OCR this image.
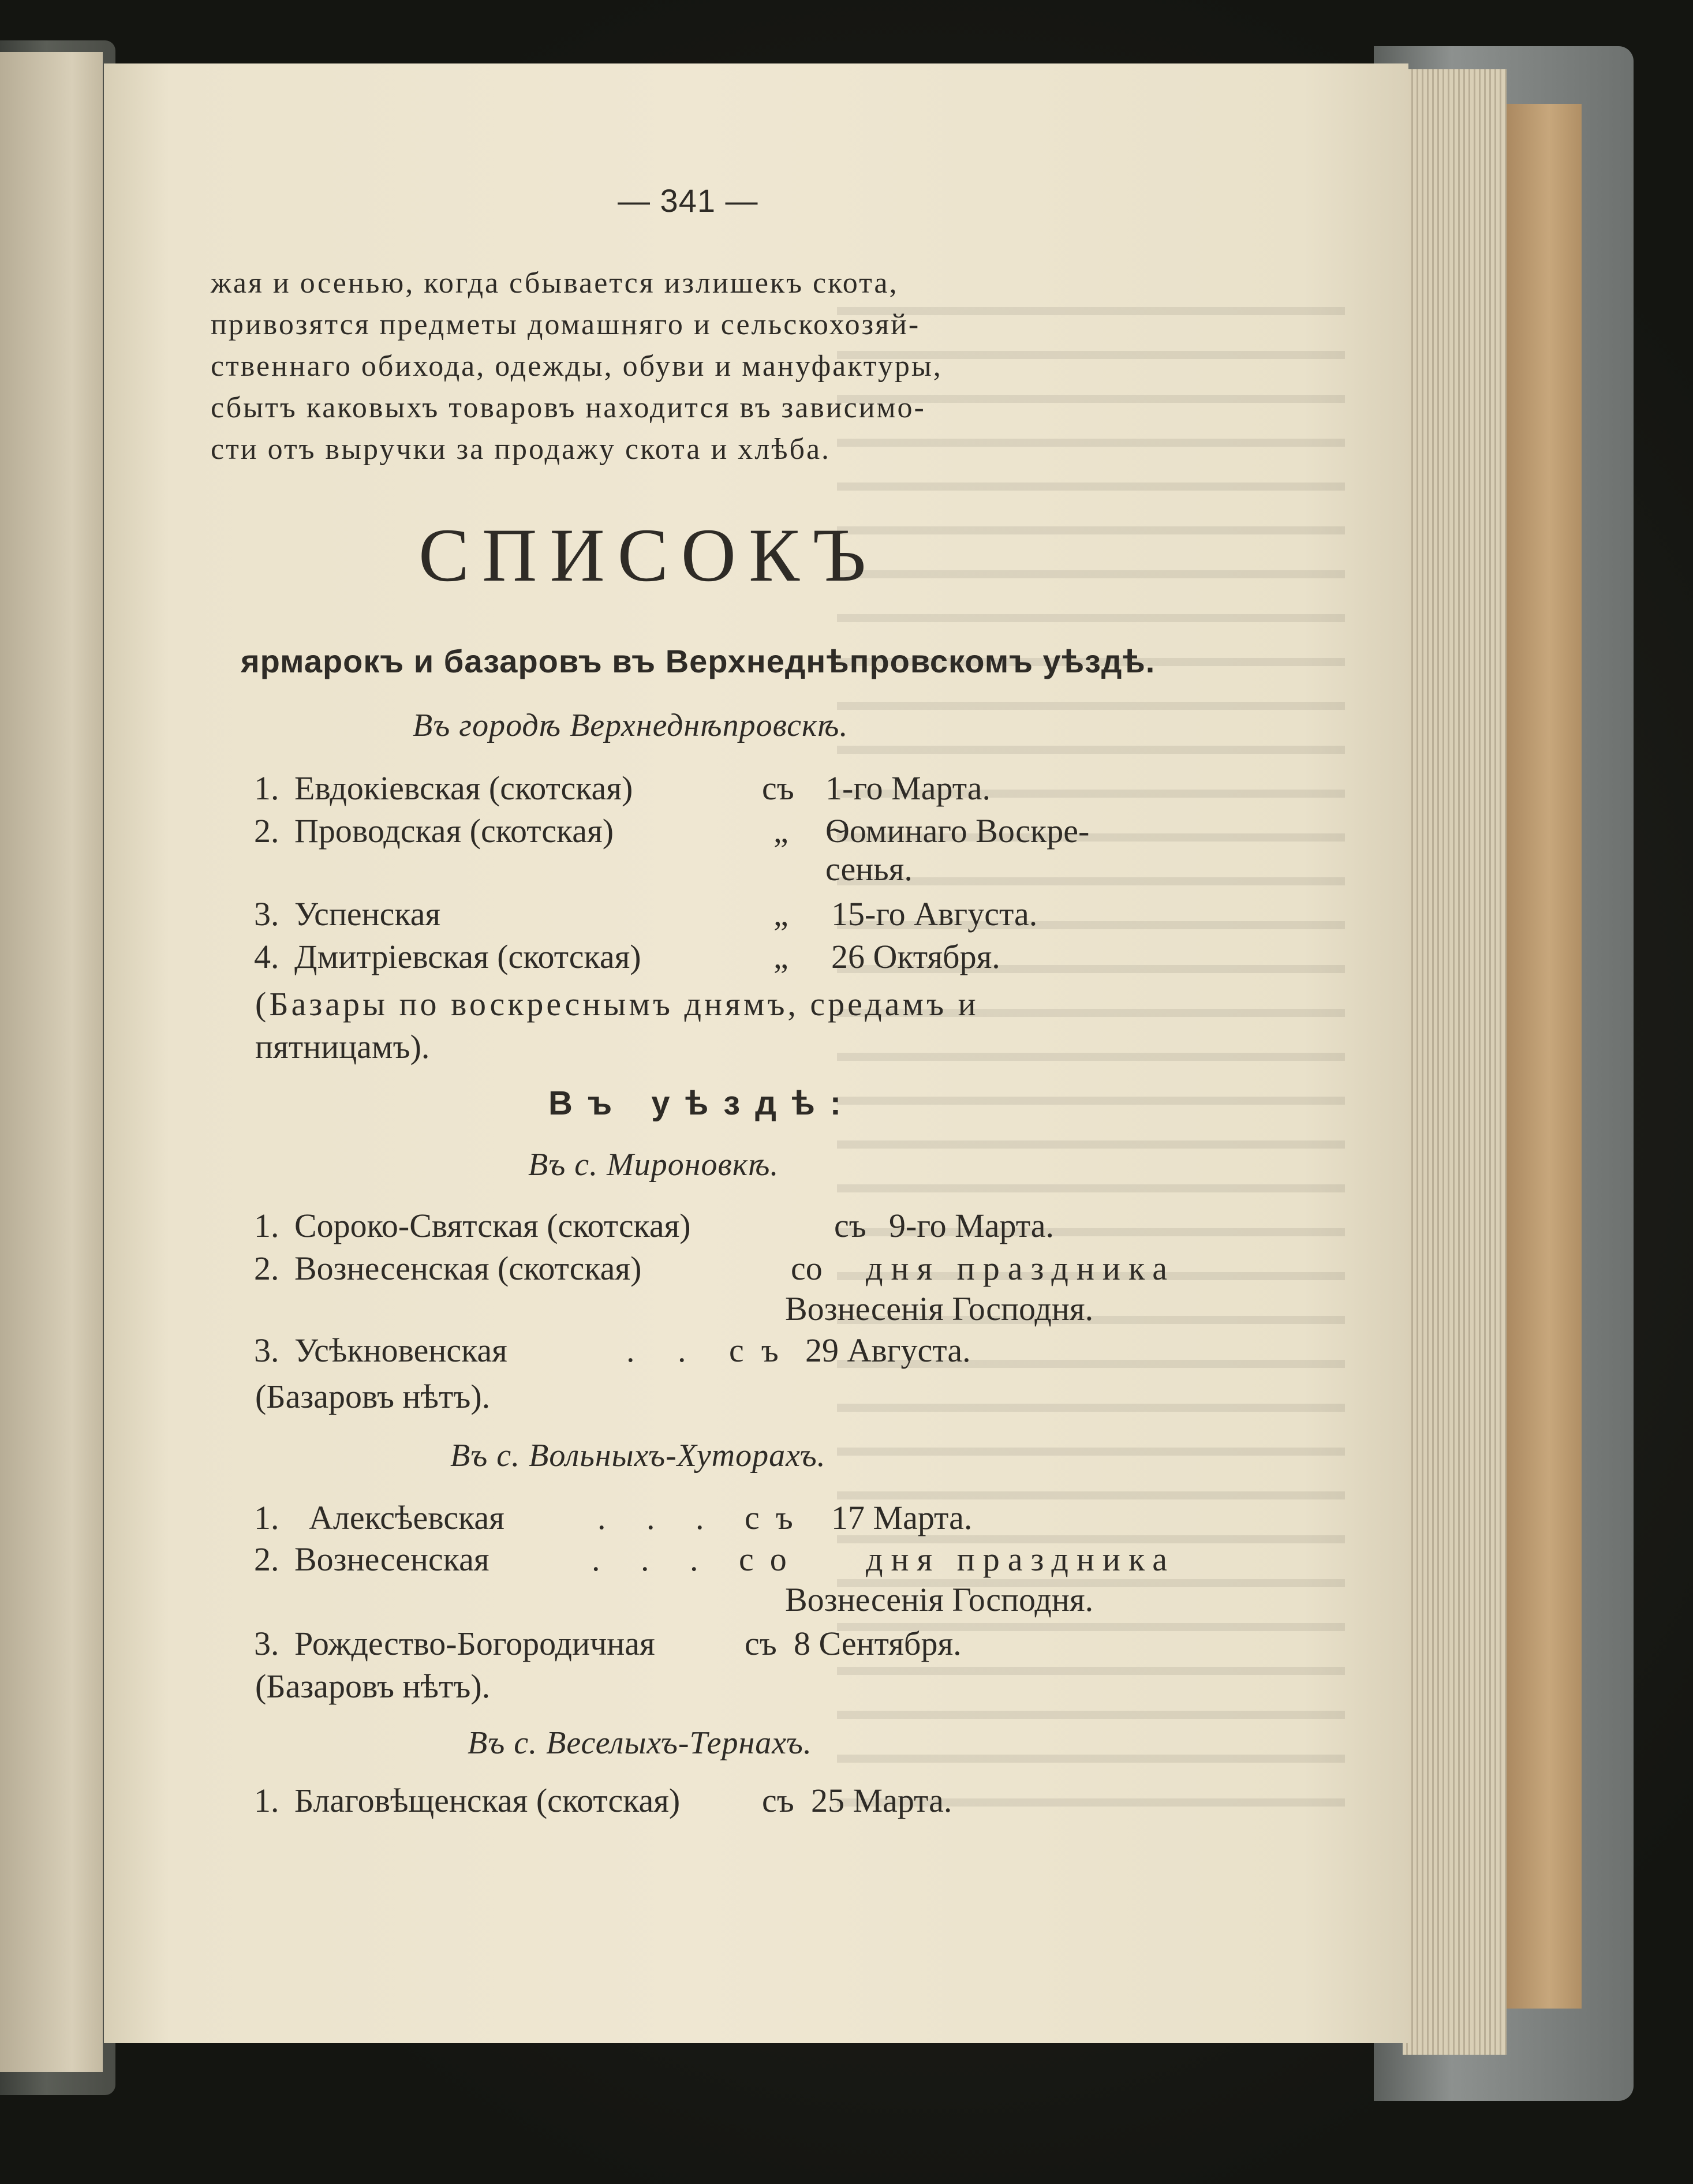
— 341 —
жая и осенью, когда сбывается излишекъ скота,
привозятся предметы домашняго и сельскохозяй-
ственнаго обихода, одежды, обуви и мануфактуры,
сбытъ каковыхъ товаровъ находится въ зависимо-
сти отъ выручки за продажу скота и хлѣба.
СПИСОКЪ
ярмарокъ и базаровъ въ Верхнеднѣпровскомъ уѣздѣ.
Въ городѣ Верхнеднѣпровскѣ.
1. Евдокіевская (скотская)	съ 1-го Марта.
2. Проводская (скотская)	„ Ѳоминаго Воскре-
сенья.
3. Успенская	„ 15-го Августа.
4. Дмитріевская (скотская)	„ 26 Октября.
(Базары по воскреснымъ днямъ, средамъ и
пятницамъ).
Въ уѣздѣ:
Въ с. Мироновкѣ.
1. Сороко-Святская (скотская)	съ 9-го Марта.
2. Вознесенская (скотская)	со дня праздника
Вознесенія Господня.
3. Усѣкновенская	. . съ 29 Августа.
(Базаровъ нѣтъ).
Въ с. Вольныхъ-Хуторахъ.
1. Алексѣевская	. . . съ 17 Марта.
2. Вознесенская	. . . со дня праздника
Вознесенія Господня.
3. Рождество-Богородичная	съ 8 Сентября.
(Базаровъ нѣтъ).
Въ с. Веселыхъ-Тернахъ.
1. Благовѣщенская (скотская) съ 25 Марта.
